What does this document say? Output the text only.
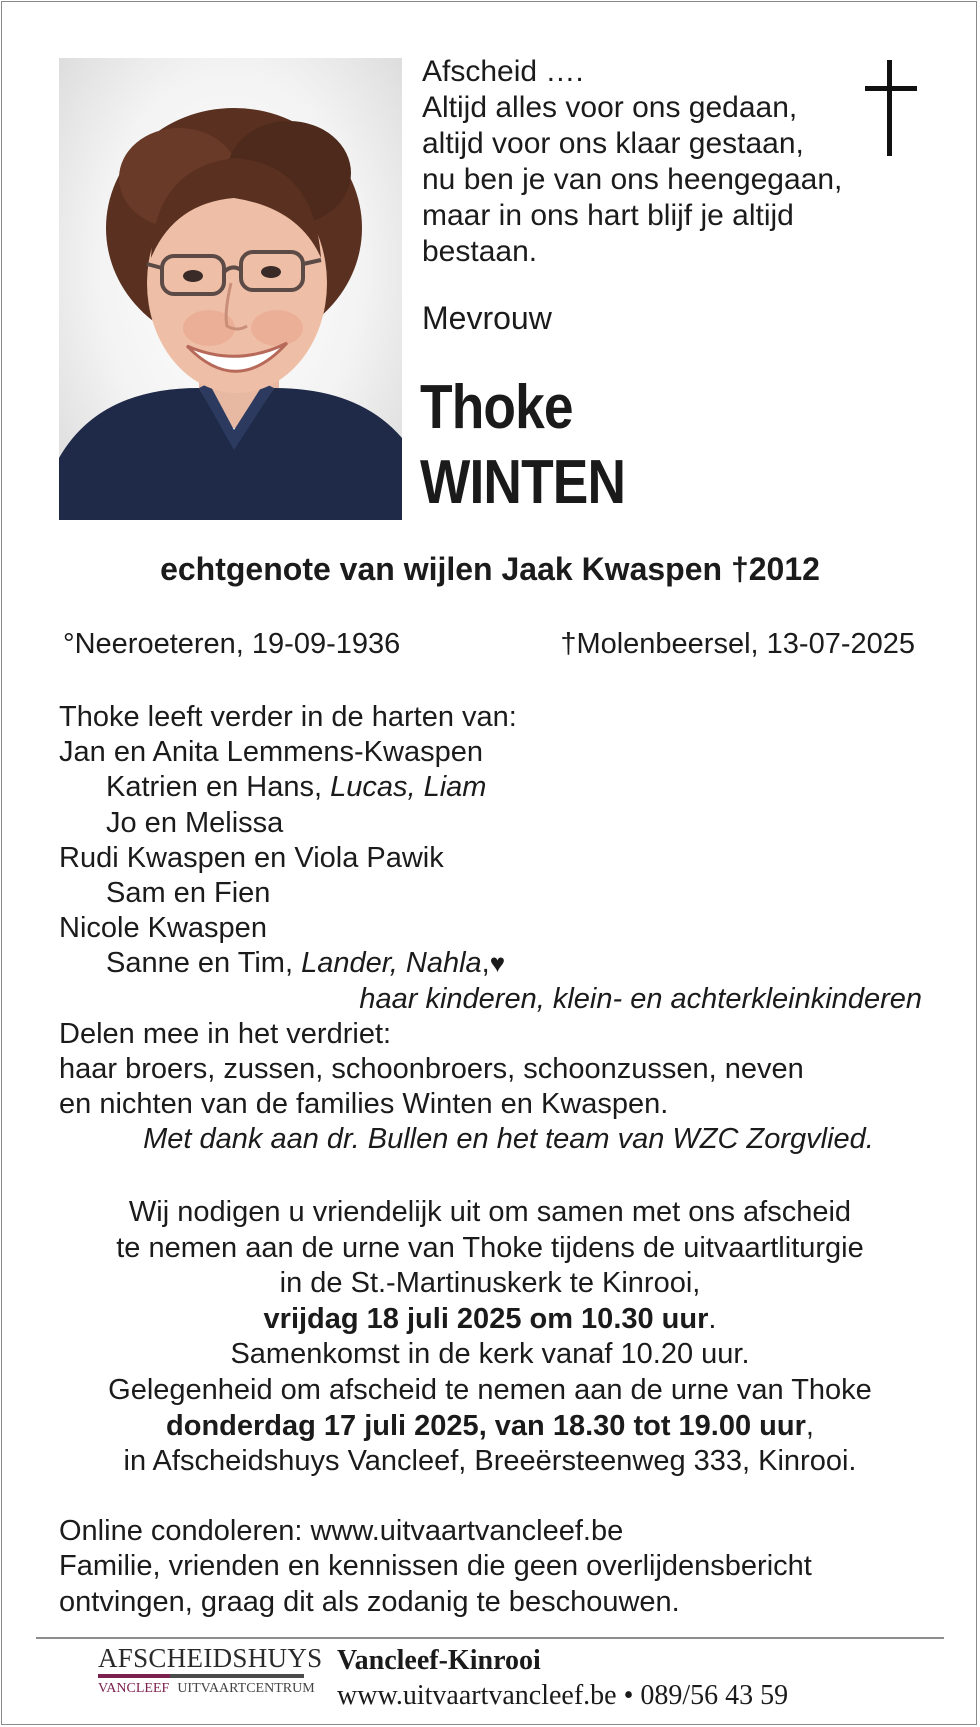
Afscheid ….
Altijd alles voor ons gedaan,
altijd voor ons klaar gestaan,
nu ben je van ons heengegaan,
maar in ons hart blijf je altijd
bestaan.
Mevrouw
Thoke
WINTEN
echtgenote van wijlen Jaak Kwaspen †2012
°Neeroeteren, 19-09-1936	†Molenbeersel, 13-07-2025
Thoke leeft verder in de harten van:
Jan en Anita Lemmens-Kwaspen
Katrien en Hans, Lucas, Liam
Jo en Melissa
Rudi Kwaspen en Viola Pawik
Sam en Fien
Nicole Kwaspen
Sanne en Tim, Lander, Nahla,♥
haar kinderen, klein- en achterkleinkinderen
Delen mee in het verdriet:
haar broers, zussen, schoonbroers, schoonzussen, neven
en nichten van de families Winten en Kwaspen.
Met dank aan dr. Bullen en het team van WZC Zorgvlied.
Wij nodigen u vriendelijk uit om samen met ons afscheid
te nemen aan de urne van Thoke tijdens de uitvaartliturgie
in de St.-Martinuskerk te Kinrooi,
vrijdag 18 juli 2025 om 10.30 uur.
Samenkomst in de kerk vanaf 10.20 uur.
Gelegenheid om afscheid te nemen aan de urne van Thoke
donderdag 17 juli 2025, van 18.30 tot 19.00 uur,
in Afscheidshuys Vancleef, Breeërsteenweg 333, Kinrooi.
Online condoleren: www.uitvaartvancleef.be
Familie, vrienden en kennissen die geen overlijdensbericht
ontvingen, graag dit als zodanig te beschouwen.
AFSCHEIDSHUYS
VANCLEEF UITVAARTCENTRUM
Vancleef-Kinrooi
www.uitvaartvancleef.be • 089/56 43 59
